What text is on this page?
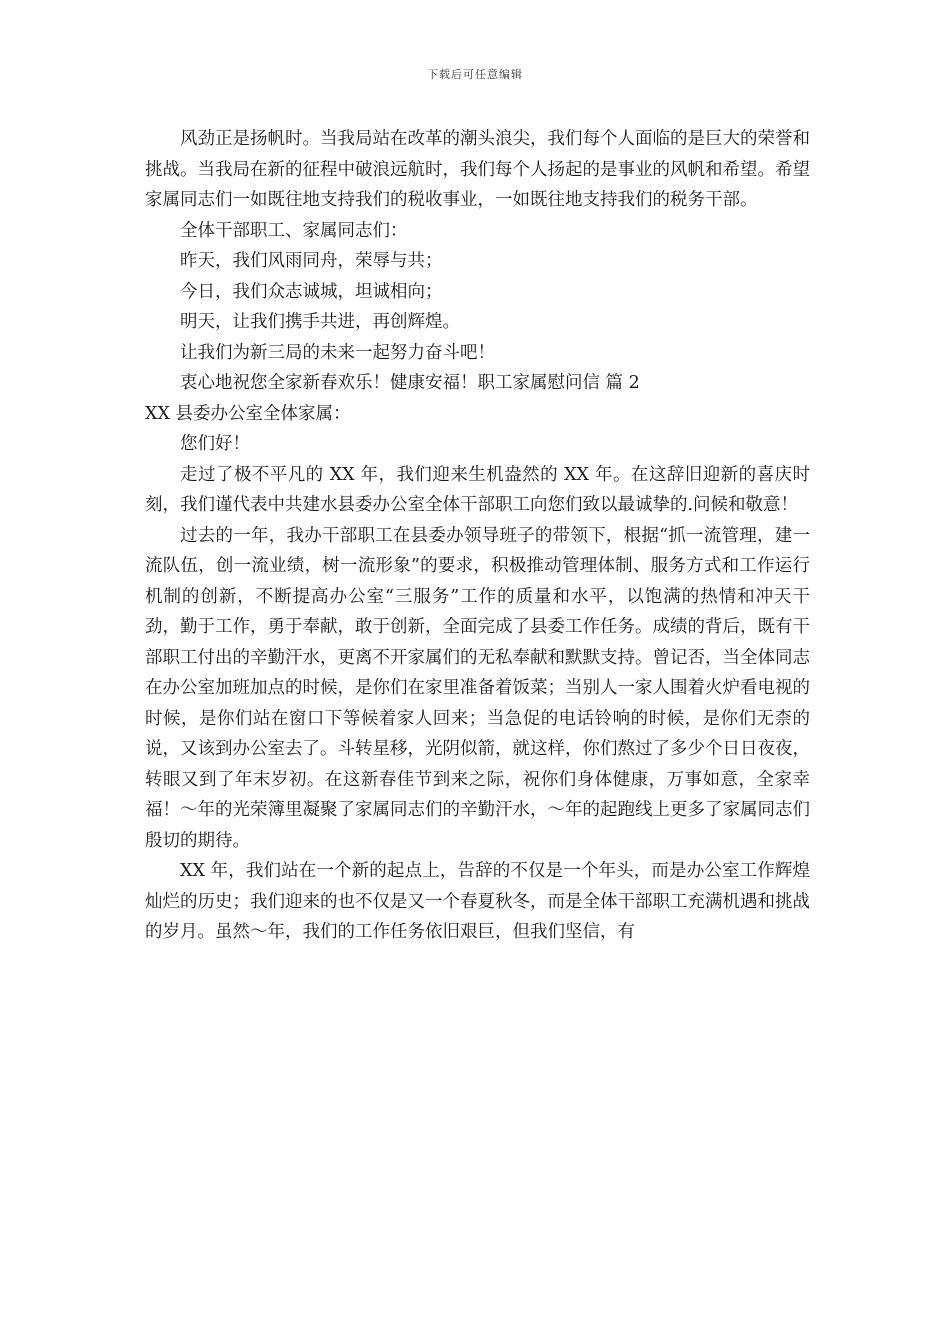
下载后可任意编辑

风劲正是扬帆时。当我局站在改革的潮头浪尖，我们每个人面临的是巨大的荣誉和挑战。当我局在新的征程中破浪远航时，我们每个人扬起的是事业的风帆和希望。希望家属同志们一如既往地支持我们的税收事业，一如既往地支持我们的税务干部。

全体干部职工、家属同志们：

昨天，我们风雨同舟，荣辱与共；

今日，我们众志诚城，坦诚相向；

明天，让我们携手共进，再创辉煌。

让我们为新三局的未来一起努力奋斗吧！

衷心地祝您全家新春欢乐！健康安福！职工家属慰问信 篇 2

XX 县委办公室全体家属：

您们好！

走过了极不平凡的 XX 年，我们迎来生机盎然的 XX 年。在这辞旧迎新的喜庆时刻，我们谨代表中共建水县委办公室全体干部职工向您们致以最诚挚的.问候和敬意！

过去的一年，我办干部职工在县委办领导班子的带领下，根据“抓一流管理，建一流队伍，创一流业绩，树一流形象”的要求，积极推动管理体制、服务方式和工作运行机制的创新，不断提高办公室“三服务”工作的质量和水平，以饱满的热情和冲天干劲，勤于工作，勇于奉献，敢于创新，全面完成了县委工作任务。成绩的背后，既有干部职工付出的辛勤汗水，更离不开家属们的无私奉献和默默支持。曾记否，当全体同志在办公室加班加点的时候，是你们在家里准备着饭菜；当别人一家人围着火炉看电视的时候，是你们站在窗口下等候着家人回来；当急促的电话铃响的时候，是你们无柰的说，又该到办公室去了。斗转星移，光阴似箭，就这样，你们熬过了多少个日日夜夜，转眼又到了年末岁初。在这新春佳节到来之际，祝你们身体健康，万事如意，全家幸福！～年的光荣簿里凝聚了家属同志们的辛勤汗水，～年的起跑线上更多了家属同志们殷切的期待。

XX 年，我们站在一个新的起点上，告辞的不仅是一个年头，而是办公室工作辉煌灿烂的历史；我们迎来的也不仅是又一个春夏秋冬，而是全体干部职工充满机遇和挑战的岁月。虽然～年，我们的工作任务依旧艰巨，但我们坚信，有
